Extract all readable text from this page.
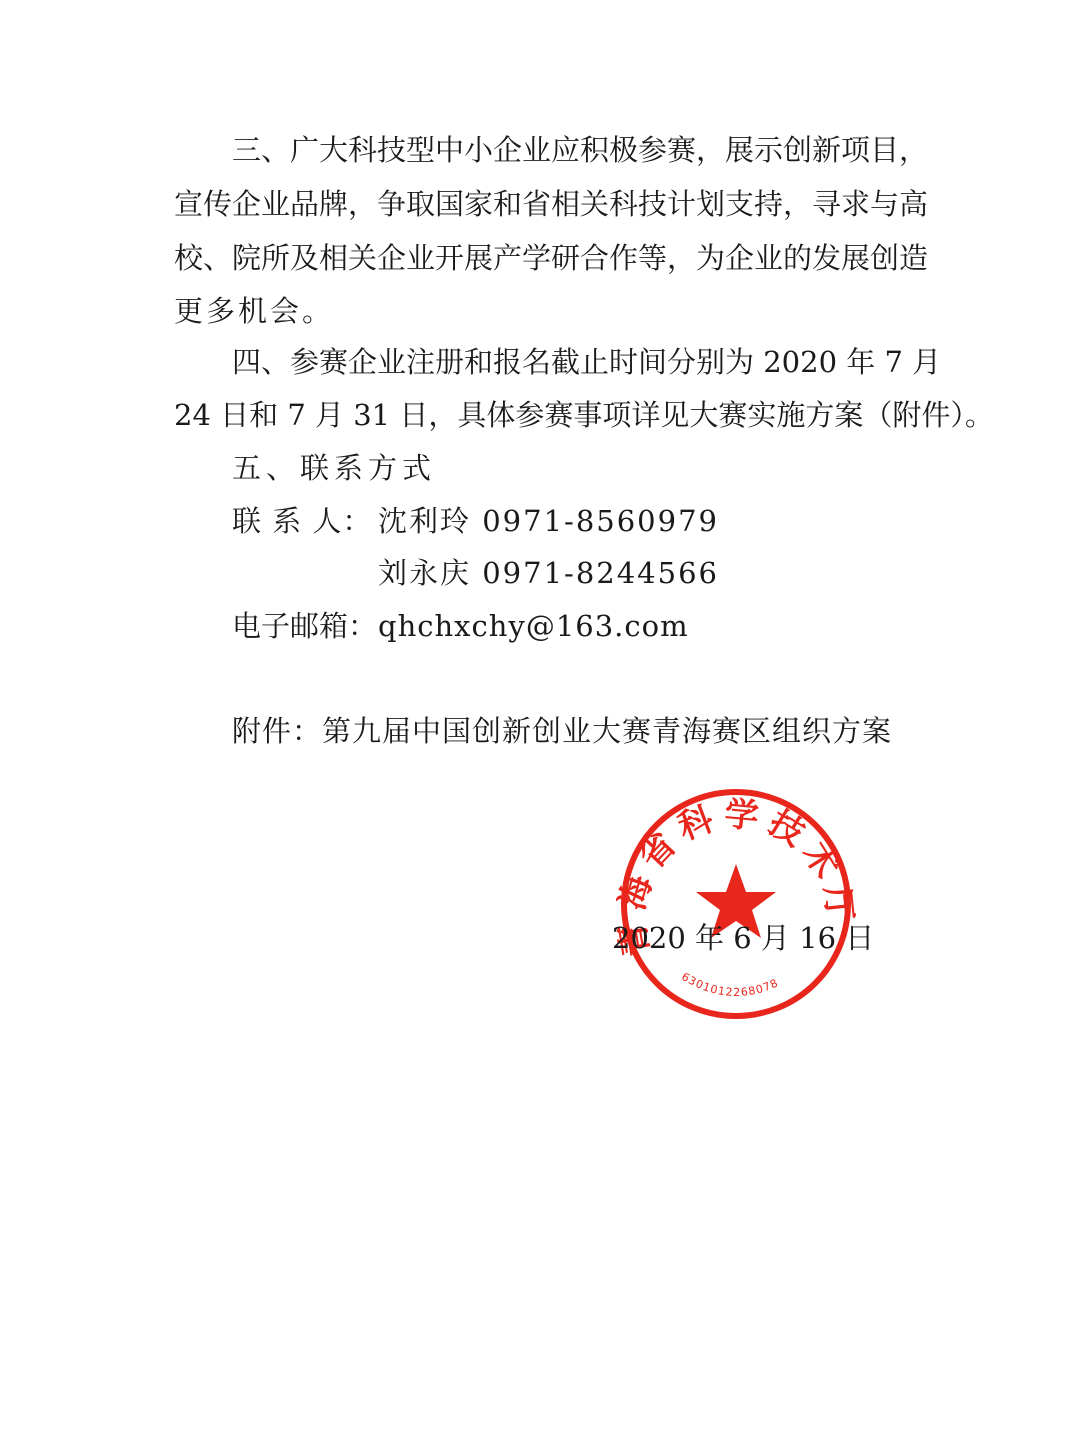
三、广大科技型中小企业应积极参赛，展示创新项目，
宣传企业品牌，争取国家和省相关科技计划支持，寻求与高
校、院所及相关企业开展产学研合作等，为企业的发展创造
更多机会。
四、参赛企业注册和报名截止时间分别为 2020 年 7 月
24 日和 7 月 31 日，具体参赛事项详见大赛实施方案（附件）。
五、联系方式
联 系 人： 沈利玲 0971-8560979
刘永庆 0971-8244566
电子邮箱： qhchxchy@163.com
附件：第九届中国创新创业大赛青海赛区组织方案
海省科学技术
6301012268078
2020 年 6 月 16 日
